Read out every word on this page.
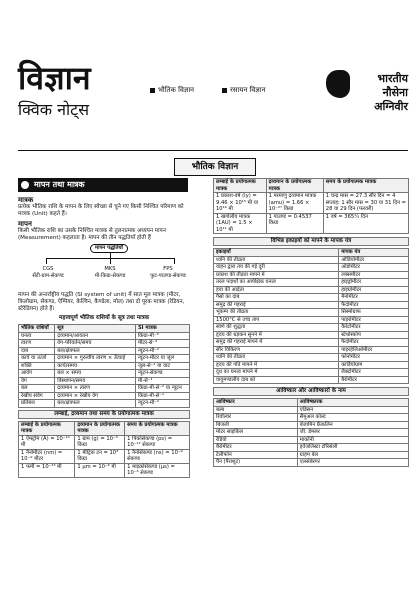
विज्ञान
क्विक नोट्स
भौतिक विज्ञान	रसायन विज्ञान
भारतीय
नौसेना
अग्निवीर
भौतिक विज्ञान
मापन तथा मात्रक
मात्रक
प्रत्येक भौतिक राशि के मापन के लिए स्वेच्छा से चुने गए किसी निश्चित परिमाण को मात्रक (Unit) कहते हैं।
मापन
किसी भौतिक राशि का उसके निश्चित मात्रक से तुलनात्मक अध्ययन मापन (Measurement) कहलाता है। मापन की तीन पद्धतियाँ होती हैं
मापन पद्धतियाँ
CGS
सेंटी-ग्राम-सेकण्ड
MKS
मी-किग्रा-सेकण्ड
FPS
फुट-पाउण्ड-सेकण्ड
मापन की अन्तर्राष्ट्रीय पद्धति (SI system of unit) में सात मूल मात्रक (मीटर, किलोग्राम, सेकण्ड, ऐम्पियर, केल्विन, कैण्डेला, मोल) तथा दो पूरक मात्रक (रेडियन, स्टेरेडियन) होते हैं।
महत्त्वपूर्ण भौतिक राशियों के सूत्र तथा मात्रक
भौतिक राशियाँ	सूत्र	SI मात्रक
घनत्व	द्रव्यमान/आयतन	किग्रा-मी⁻³
त्वरण	वेग-परिवर्तन/समय	मीटर-से⁻²
दाब	बल/क्षेत्रफल	न्यूटन-मी⁻²
कार्य या ऊर्जा	द्रव्यमान × गुरुत्वीय त्वरण × ऊँचाई	न्यूटन-मीटर या जूल
शक्ति	कार्य/समय	जूल-से⁻¹ या वाट
आवेग	बल × समय	न्यूटन-सेकण्ड
वेग	विस्थापन/समय	मी-से⁻¹
बल	द्रव्यमान × त्वरण	किग्रा-मी-से⁻² या न्यूटन
रेखीय संवेग	द्रव्यमान × रेखीय वेग	किग्रा-मी-से⁻¹
प्रतिबल	बल/क्षेत्रफल	न्यूटन-मी⁻²
लम्बाई, द्रव्यमान तथा समय के प्रयोगात्मक मात्रक
लम्बाई के प्रयोगात्मक मात्रक	द्रव्यमान के प्रयोगात्मक मात्रक	समय के प्रयोगात्मक मात्रक
1 ऐंग्स्ट्रॉम (Å) = 10⁻¹⁰ मी	1 ग्राम (g) = 10⁻³ किग्रा	1 पिकोसेकण्ड (ps) = 10⁻¹² सेकण्ड
1 नैनोमीटर (nm) = 10⁻⁹ मीटर	1 मीट्रिक टन = 10³ किग्रा	1 नैनोसेकण्ड (ns) = 10⁻⁹ सेकण्ड
1 फर्मी = 10⁻¹⁵ मी	1 μm = 10⁻⁶ मी	1 माइक्रोसेकण्ड (μs) = 10⁻⁶ सेकण्ड
लम्बाई के प्रयोगात्मक मात्रक	द्रव्यमान के प्रयोगात्मक मात्रक	समय के प्रयोगात्मक मात्रक
1 प्रकाश-वर्ष (ly) = 9.46 × 10¹⁵ मी या 10¹⁶ मी	1 परमाणु द्रव्यमान मात्रक (amu) = 1.66 × 10⁻²⁷ किग्रा	1 चन्द्र मास = 27.3 सौर दिन = 4 सप्ताह; 1 सौर मास = 30 या 31 दिन = 28 या 29 दिन (फरवरी)
1 खगोलीय मात्रक (1AU) = 1.5 × 10¹¹ मी	1 पाउण्ड = 0.4537 किग्रा	1 वर्ष = 365¼ दिन
विभिन्न इकाइयों को मापने के मापक यंत्र
इकाइयाँ	मापक यंत्र
ध्वनि की तीव्रता	ऑडियोमीटर
वाहन द्वारा तय की गई दूरी	ओडोमीटर
प्रकाश की तीव्रता मापने में	लक्समीटर
तरल पदार्थों का आपेक्षिक घनत्व	हाइड्रोमीटर
हवा की आर्द्रता	हाइग्रोमीटर
गैसों का दाब	मैनोमीटर
समुद्र की गहराई	फैदोमीटर
भूकम्प की तीव्रता	सिस्मोग्राफ
1500°C से उच्च ताप	पाइरोमीटर
स्वर्ण की शुद्धता	कैरेटोमीटर
हृदय की धड़कन सुनने में	स्टेथोस्कोप
समुद्र की गहराई मापने में	फैदोमीटर
सौर विकिरण	पाइरहेलिओमीटर
ध्वनि की तीव्रता	फोनोमीटर
हृदय की गति मापने में	कार्डियोग्राम
दूध का घनत्व मापने में	लैक्टोमीटर
वायुमण्डलीय दाब को	बैरोमीटर
आविष्कार और आविष्कारों के नाम
आविष्कार	आविष्कारक
बल्ब	एडिसन
रिवॉल्वर	सैमुअल कोल्ट
बिजली	बेंजामिन फ्रैंकलिन
मोटर साइकिल	जी. डेमलर
रेडियो	मार्कोनी
बैरोमीटर	इवेंजलिस्टा टॉरिसेली
टेलीफोन	ग्राहम बेल
पैन (पैराशूट)	एलसेबेरगर
